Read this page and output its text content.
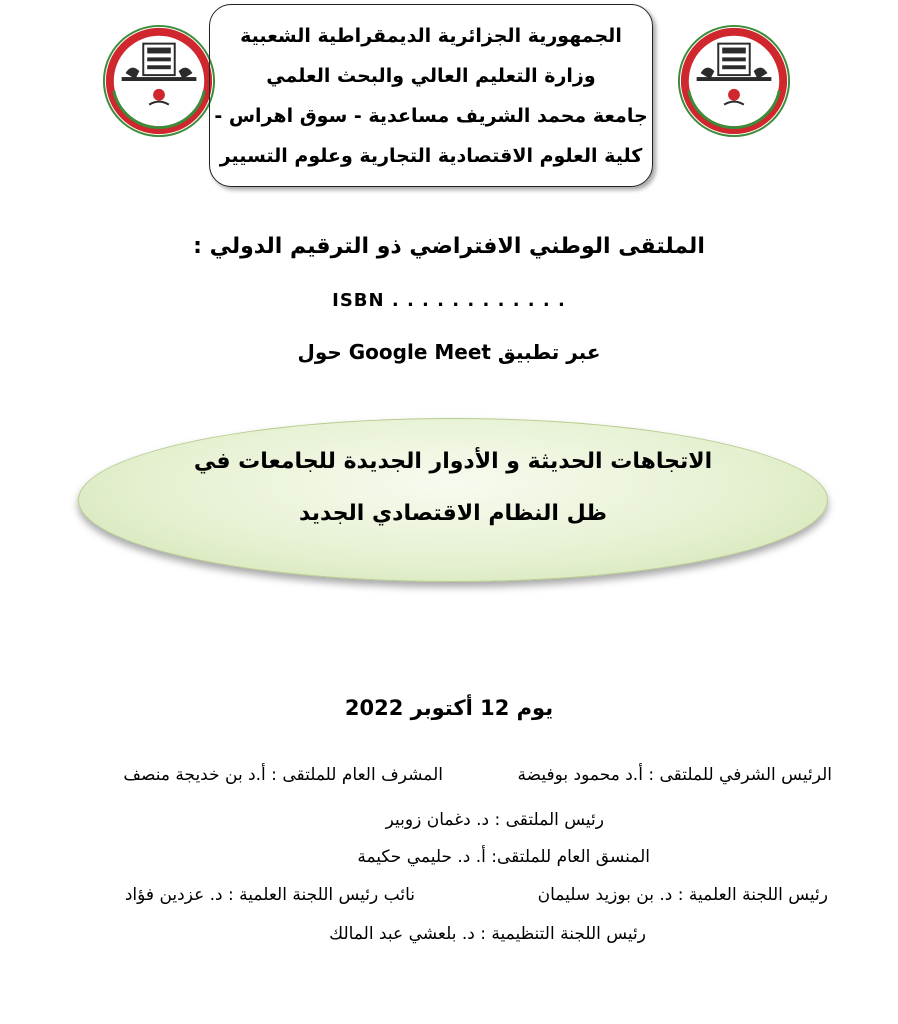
الجمهورية الجزائرية الديمقراطية الشعبية
وزارة التعليم العالي والبحث العلمي
جامعة محمد الشريف مساعدية - سوق اهراس -
كلية العلوم الاقتصادية التجارية وعلوم التسيير
الملتقى الوطني الافتراضي ذو الترقيم الدولي :
ISBN . . . . . . . . . . . .
عبر تطبيق Google Meet حول
الاتجاهات الحديثة و الأدوار الجديدة للجامعات في
ظل النظام الاقتصادي الجديد
يوم 12 أكتوبر 2022
الرئيس الشرفي للملتقى : أ.د محمود بوفيضة
المشرف العام للملتقى : أ.د بن خديجة منصف
رئيس الملتقى : د. دغمان زوبير
المنسق العام للملتقى: أ. د. حليمي حكيمة
رئيس اللجنة العلمية : د. بن بوزيد سليمان
نائب رئيس اللجنة العلمية : د. عزدين فؤاد
رئيس اللجنة التنظيمية : د. بلعشي عبد المالك
